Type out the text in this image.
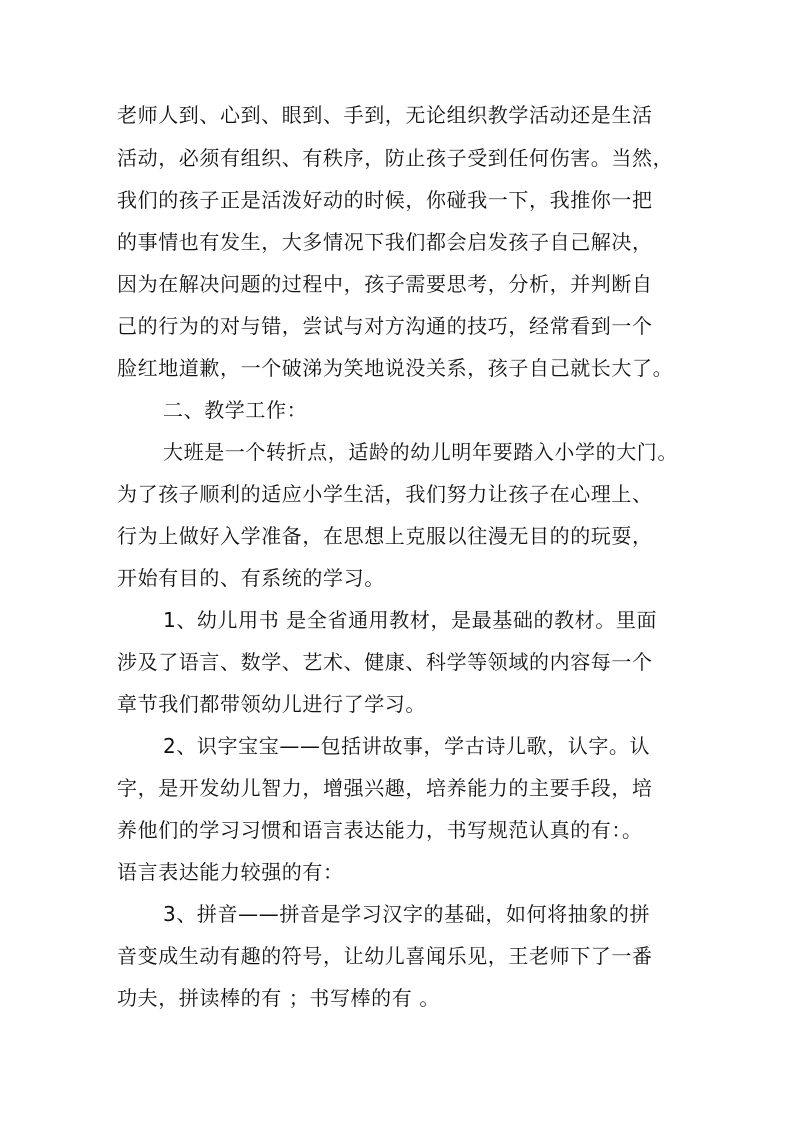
老师人到、心到、眼到、手到，无论组织教学活动还是生活
活动，必须有组织、有秩序，防止孩子受到任何伤害。当然，
我们的孩子正是活泼好动的时候，你碰我一下，我推你一把
的事情也有发生，大多情况下我们都会启发孩子自己解决，
因为在解决问题的过程中，孩子需要思考，分析，并判断自
己的行为的对与错，尝试与对方沟通的技巧，经常看到一个
脸红地道歉，一个破涕为笑地说没关系，孩子自己就长大了。
二、教学工作：
大班是一个转折点，适龄的幼儿明年要踏入小学的大门。
为了孩子顺利的适应小学生活，我们努力让孩子在心理上、
行为上做好入学准备，在思想上克服以往漫无目的的玩耍，
开始有目的、有系统的学习。
1、幼儿用书 是全省通用教材，是最基础的教材。里面
涉及了语言、数学、艺术、健康、科学等领域的内容每一个
章节我们都带领幼儿进行了学习。
2、识字宝宝——包括讲故事，学古诗儿歌，认字。认
字，是开发幼儿智力，增强兴趣，培养能力的主要手段，培
养他们的学习习惯和语言表达能力，书写规范认真的有：。
语言表达能力较强的有：
3、拼音——拼音是学习汉字的基础，如何将抽象的拼
音变成生动有趣的符号，让幼儿喜闻乐见，王老师下了一番
功夫，拼读棒的有 ；书写棒的有 。
